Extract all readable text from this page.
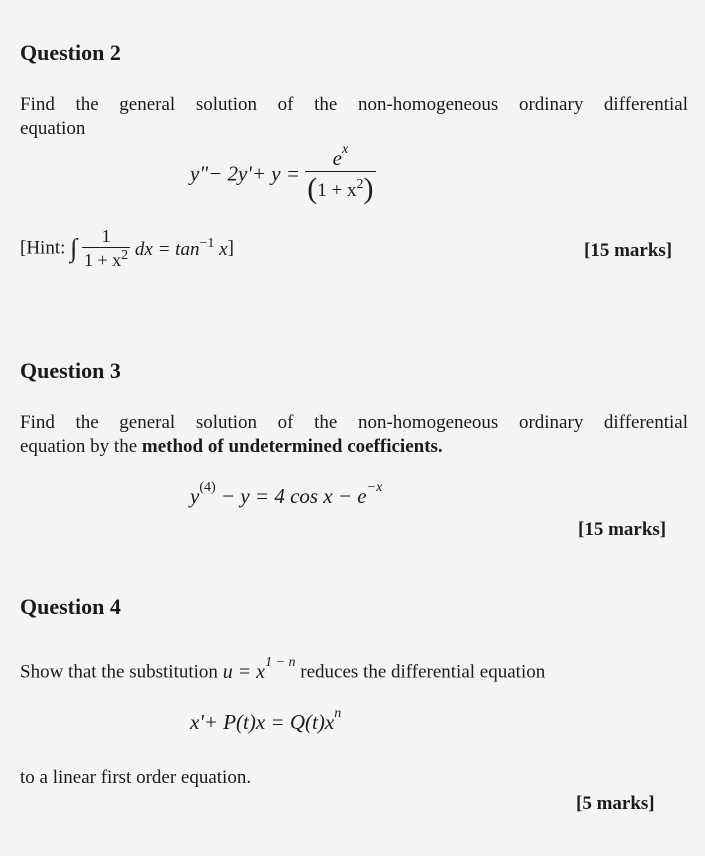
Question 2
Find the general solution of the non-homogeneous ordinary differential
equation
y"− $2y'+ y = \frac{e^x}{(1 + x^2)}$
[Hint: ∫ $\frac{1}{1 + x^2}$ dx = $\tan^{-1} x$]	[15 marks]
Question 3
Find the general solution of the non-homogeneous ordinary differential
equation by the method of undetermined coefficients.
$y^{(4)} - y = 4$ $\cos x - e^{-x}$
[15 marks]
Question 4
Show that the substitution $u = x^{1 - n}$ reduces the differential equation
$x'+ P(t)x = Q(t)x^n$
to a linear first order equation.
[5 marks]
